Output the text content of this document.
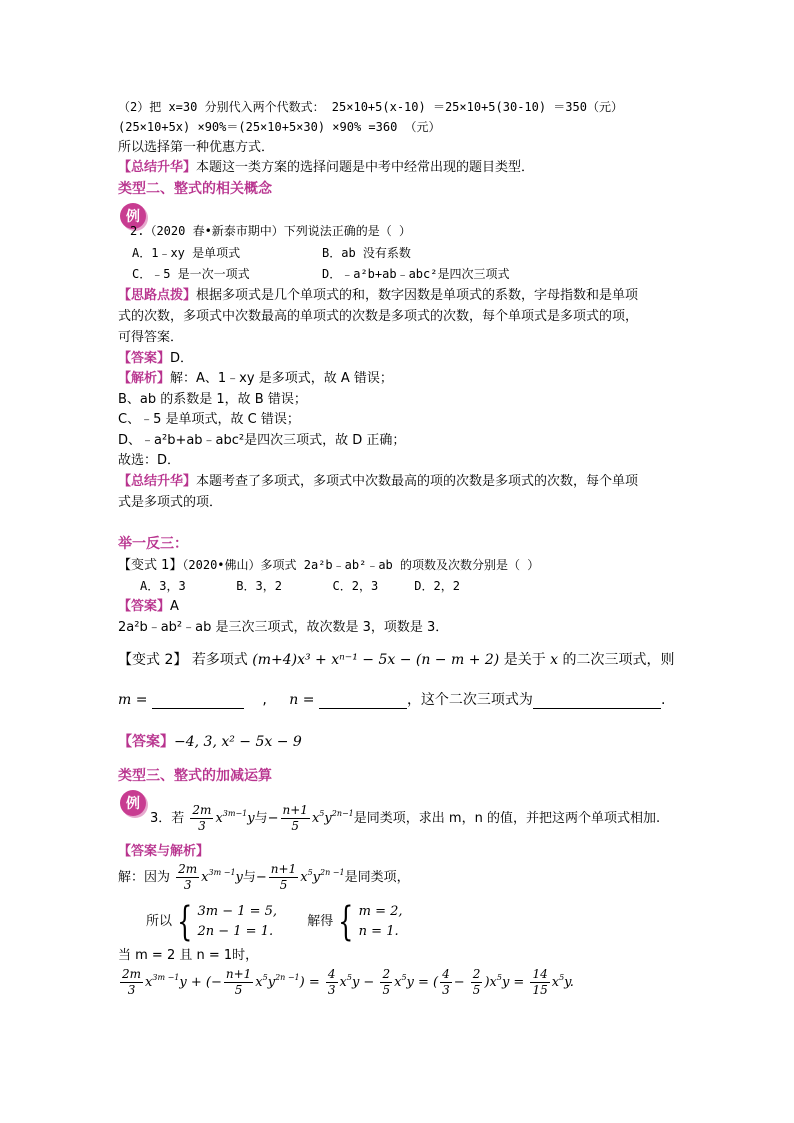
（2）把 x=30 分别代入两个代数式： 25×10+5(x-10) ＝25×10+5(30-10) ＝350（元）
(25×10+5x) ×90%＝(25×10+5×30) ×90% =360 （元）
所以选择第一种优惠方式．
【总结升华】本题这一类方案的选择问题是中考中经常出现的题目类型．
类型二、整式的相关概念
例
2.（2020 春•新泰市期中）下列说法正确的是（ ）
A．1﹣xy 是单项式	B．ab 没有系数
C．﹣5 是一次一项式	D．﹣a²b+ab﹣abc²是四次三项式
【思路点拨】根据多项式是几个单项式的和，数字因数是单项式的系数，字母指数和是单项
式的次数，多项式中次数最高的单项式的次数是多项式的次数，每个单项式是多项式的项，
可得答案．
【答案】D．
【解析】解：A、1﹣xy 是多项式，故 A 错误；
B、ab 的系数是 1，故 B 错误；
C、﹣5 是单项式，故 C 错误；
D、﹣a²b+ab﹣abc²是四次三项式，故 D 正确；
故选：D．
【总结升华】本题考查了多项式，多项式中次数最高的项的次数是多项式的次数，每个单项
式是多项式的项．
举一反三：
【变式 1】（2020•佛山）多项式 2a²b﹣ab²﹣ab 的项数及次数分别是（ ）
A．3，3       B．3，2       C．2，3     D．2，2
【答案】A
2a²b﹣ab²﹣ab 是三次三项式，故次数是 3，项数是 3．
【变式 2】 若多项式 (m+4)x³ + xⁿ⁻¹ − 5x − (n − m + 2) 是关于 x 的二次三项式，则
m =	, n =	，这个二次三项式为	.
【答案】−4, 3, x² − 5x − 9
类型三、整式的加减运算
例
3．若 $\frac{2m}{3} x^{3m-1}y$与− $\frac{n+1}{5} x^5y^{2n-1}$是同类项，求出 m，n 的值，并把这两个单项式相加.
【答案与解析】
解：因为 $\frac{2m}{3} x^{3m -1}y$与− $\frac{n+1}{5} x^5y^{2n -1}$是同类项，
所以 { 3m − 1 = 5,
2n − 1 = 1.
解得 { m = 2,
n = 1.
当 m = 2 且 n = 1时，
$\frac{2m}{3} x^{3m -1}y$ + (− $\frac{n+1}{5} x^5y^{2n -1}) = \frac{4}{3} x^5y - \frac{2}{5} x^5y$ = ( $\frac{4}{3} - \frac{2}{5} )x^5y = \frac{14}{15} x^5y$.
